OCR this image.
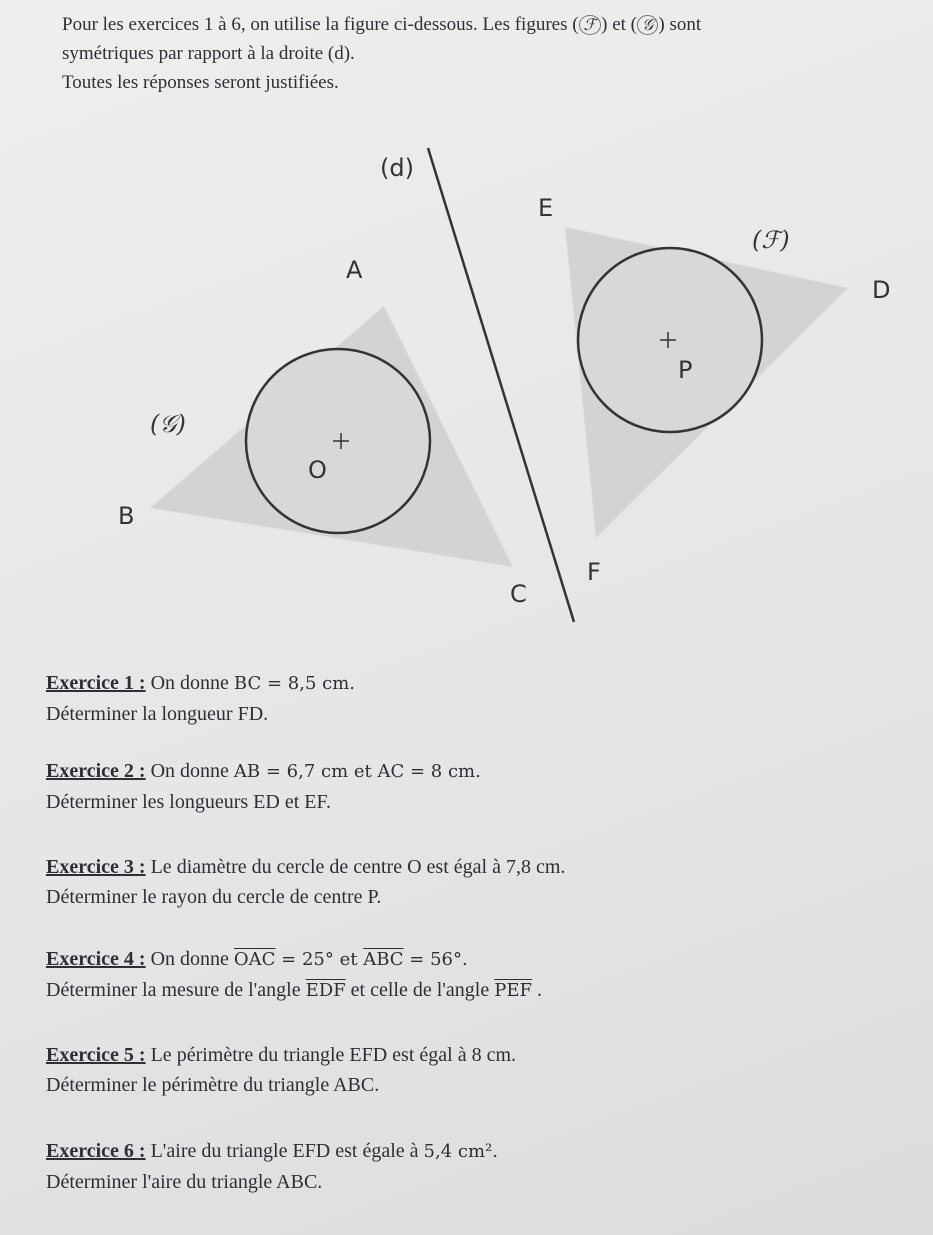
Pour les exercices 1 à 6, on utilise la figure ci-dessous. Les figures ( ℱ ) et ( 𝒢 ) sont

symétriques par rapport à la droite (d).

Toutes les réponses seront justifiées.

(d)
A
B
C
O
E
D
F
P
(𝒢)
(ℱ)

Exercice 1 : On donne BC = 8,5 cm.

Déterminer la longueur FD.

Exercice 2 : On donne AB = 6,7 cm et AC = 8 cm.

Déterminer les longueurs ED et EF.

Exercice 3 : Le diamètre du cercle de centre O est égal à 7,8 cm.

Déterminer le rayon du cercle de centre P.

Exercice 4 : On donne $\overline{OAC} = 25^\circ$ et $\overline{ABC} = 56^\circ$.

Déterminer la mesure de l'angle $\overline{EDF}$ et celle de l'angle $\overline{PEF}$ .

Exercice 5 : Le périmètre du triangle EFD est égal à 8 cm.

Déterminer le périmètre du triangle ABC.

Exercice 6 : L'aire du triangle EFD est égale à 5,4 cm².

Déterminer l'aire du triangle ABC.
